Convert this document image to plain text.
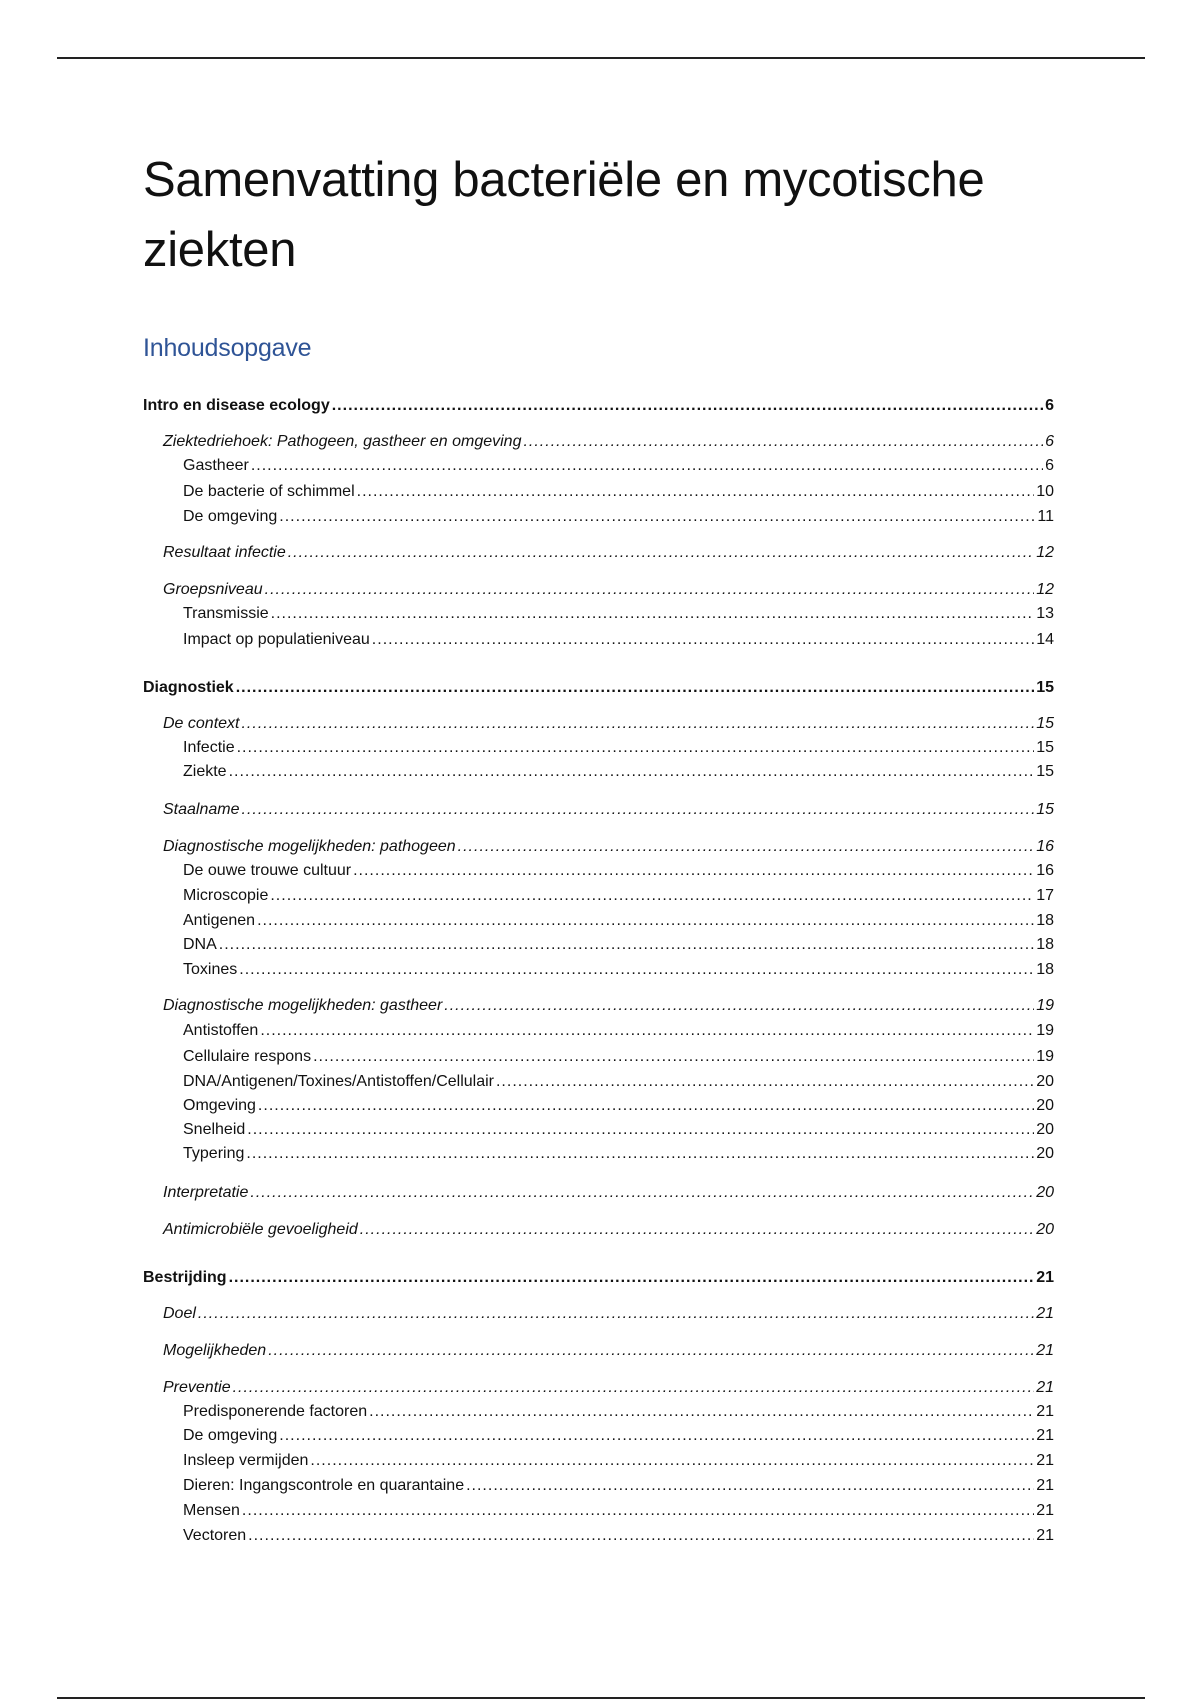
Samenvatting bacteriële en mycotische ziekten
Inhoudsopgave
Intro en disease ecology .....	6
Ziektedriehoek: Pathogeen, gastheer en omgeving .....	6
Gastheer .....	6
De bacterie of schimmel .....	10
De omgeving .....	11
Resultaat infectie .....	12
Groepsniveau .....	12
Transmissie .....	13
Impact op populatieniveau .....	14
Diagnostiek .....	15
De context .....	15
Infectie .....	15
Ziekte .....	15
Staalname .....	15
Diagnostische mogelijkheden: pathogeen .....	16
De ouwe trouwe cultuur .....	16
Microscopie .....	17
Antigenen .....	18
DNA .....	18
Toxines .....	18
Diagnostische mogelijkheden: gastheer .....	19
Antistoffen .....	19
Cellulaire respons .....	19
DNA/Antigenen/Toxines/Antistoffen/Cellulair .....	20
Omgeving .....	20
Snelheid .....	20
Typering .....	20
Interpretatie .....	20
Antimicrobiële gevoeligheid .....	20
Bestrijding .....	21
Doel .....	21
Mogelijkheden .....	21
Preventie .....	21
Predisponerende factoren .....	21
De omgeving .....	21
Insleep vermijden .....	21
Dieren: Ingangscontrole en quarantaine .....	21
Mensen .....	21
Vectoren .....	21
